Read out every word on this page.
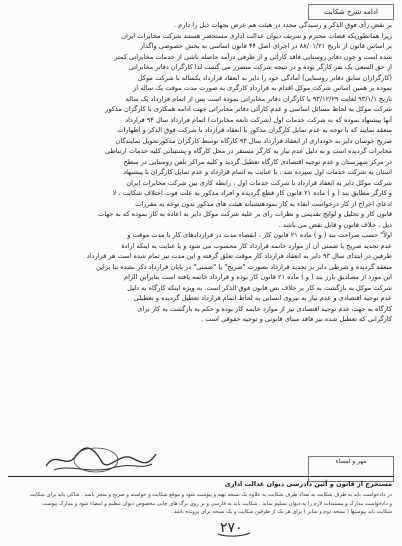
ادامه شرح شکایت

بر نقض رأی فوق الذکر و رسیدگی مجدد در هیئت هم عرض بجهات ذیل را دارم .

زیرا همانطوریکه قضات محترم و شریف دیوان عدالت اداری مستحضر هستند شرکت مخابرات ایران

بر اساس قانون از تاریخ ۸۸/۰۱/۲۱ در اجرای اصل ۴۴ قانون اساسی به بخش خصوصی واگذار

شده است و چون دفاتر روستایی فاقد کارآئی و از طرفی درآمد حاصله ناشی از خدمات مخابراتی کمتر

از حق السعی یک نفر کارگر بوده و در نتیجه شرکت متضرر می گشت لذا کارگران دفاتر مخابراتی

(کارگزاران سابق دفاتر روستایی) آمادگی خود را دایر به انعقاد قرارداد یکساله با شرکت موکل

نموده بر همین اساس شرکت موکل اقدام به قرارداد کارگری به صورت مدت موقت یک ساله از

تاریخ ۹۳/۱/۱ لغایت ۹۳/۱۲/۲۹ با کارگران دفاتر مخابراتی نموده است پس از اتمام قرارداد یک ساله

شرکت موکل به لحاظ مسائل اساسی و عدم کارآئی دفاتر مخابراتی جهت ادامه همکاری با کارگران مذکور

آنها پیشنهاد نموده که به شرکت خدمات اول (شرکت تابعه مخابرات) اتمام فرارداد سال ۹۴ قرارداد

منعقد نمایند که با توجه به عدم تمایل کارگران مذکور با انعقاد قرارداد با شرکت فوق الذکر و اظهارات

صریح خوشان دایر به خودداری از انعقاد قرارداد سال ۹۳ کارگاه توسط کارگران مذکورتحویل نمایندگان

مخابرات گردیده است و به دلیل عدم نیاز به کارگر مستقر در محل کارگاه و پشتیبانی کلیه خدمات ارتباطی

در مرکز شهرستان و عدم توجیه اقتصادی کارگاه تعطیل گردید و کلیه مراکز تلفن روستایی در سطح

استان به شرکت خدمات اول سپرده شد . با عنایت به اتمام قرارداد و عدم تمایل کارگران با پیشنهاد

شرکت موکل دایر به انعقاد قرارداد با شرکت خدمات اول ، رابطه کاری بین شرکت مخابرات ایران

و کارگر مطابق بند ( و ) ماده ۲۱ قانون کار قطع گردیده و افراد مذکور به علت فوت اختلاف شکایت ، لا

ادعای اخراج از کار درخواست ابقاء به کار نمودهتشبانه هیئت های مذکور بدون توجه به مقررات

قانون کار و تحلیل و لوایح تقدیمی و نظرات رای بر علیه شرکت موکل دایر به اعاده به کار نموده که به جهات

ذیل ، خلاف قانون و قابل نقض می باشد .

اولاً" حسب صراحت بند ( و ) ماده ۲۱ قانون کار ، انقضاء مدت در قراردادهای کار با مدت موقت و

عدم تجدید صریح یا ضمنی آن از موارد خاتمه قرارداد کار محسوب می شود و با عنایت به اینکه ارادة

طرفین در ابتدای سال ۹۳ دایر به انعقاد قرارداد کار موقت تعلق گرفته و این مدت نیز تمام شده است هر قرارداد

منعقد گردیده و شرطی دایر بر تجدید قرارداد بصورت "صریح" یا "ضمنی" در پایان قرارداد ذکر نشده بنا براین

این مورد از مصادیق بارز بند ( و ) ماده ۲۱ قانون کار بوده و قرارداد خاتمه یافته است بنابراین الزام

شرکت موکل به بازگشت به کار بر خلاف نص قانون فوق الذکر است. به ویژه اینکه کارگاه به دلیل

عدم توجیه اقتصادی و عدم نیاز به نیروی انسانی به لحاظ اتمام قرارداد تعطیل گردیده و تعطیلی

کارگاه به جهت عدم توجیه اقتصادی نیز از موارد خاتمه کار بوده و حکم به بازگشت به کار برای

کارگرانی که تعطیل شده نیز فاقد مبنای قانونی و توجیه حقوقی است .

مهر و امضاء
مستخرج از قانون و آئین دادرسی دیوان عدالت اداری
در دادخواست باید به طرف شکایت به تعداد طرف شکایت به علاوه یک نسخه تهیه و پیوست شود و موقع شکایت و خواسته و صریح و منجز باشد . شاکی باید برای شکایت
و دادخواست مدارک و مستندات لازم را به دیوان تسلیم نماید . شکایت باید به فارسی و بر روی برگ های چاپی مخصوص دیوان تنظیم و امضاء شود و مدارک پیوست
شکایت باید پیوستها ( نسخه دوم و سایر ) برای هر یک از طرفین شکایت و یک نسخه برای پرونده باشد .
۲۷۰
